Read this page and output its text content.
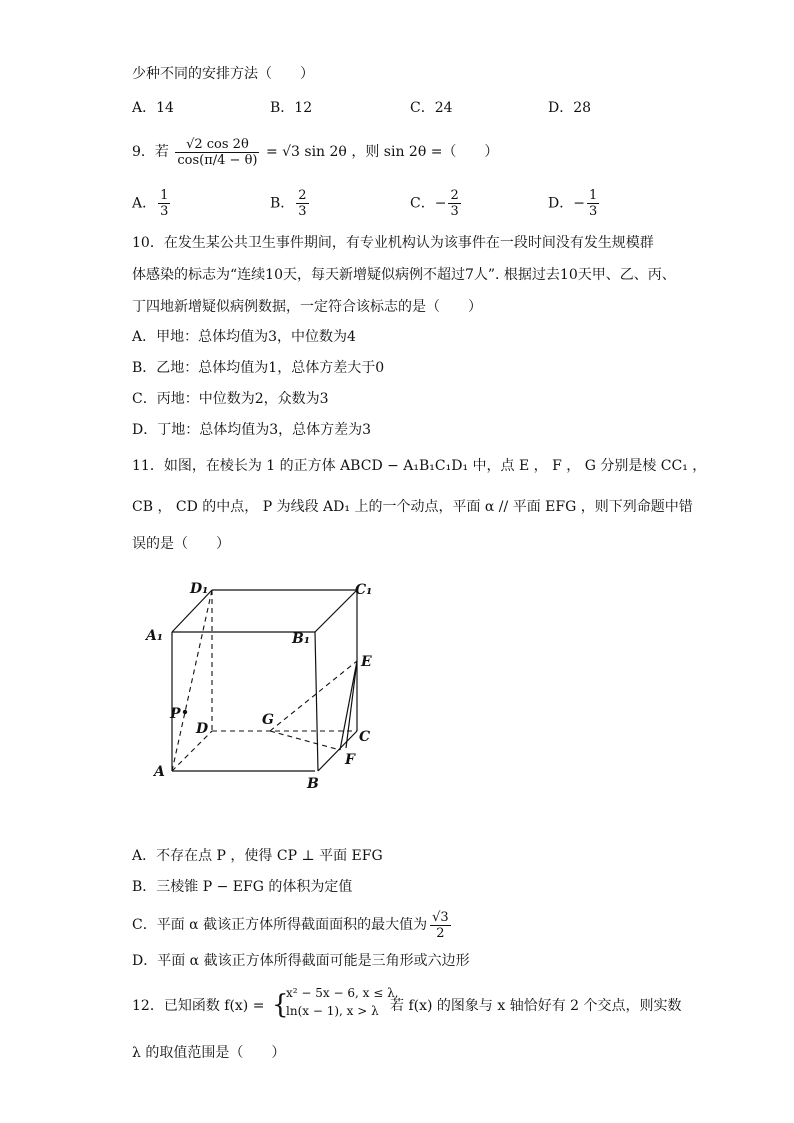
少种不同的安排方法（　　）
A．14	B．12	C．24	D．28
9．若 $\frac{√2 \cos 2\theta}{\cos(\pi/4 - \theta)} = √3$ sin 2θ ，则 sin 2θ =（　　）
A． $\frac{1}{3}$	B． $\frac{2}{3}$	C．− $\frac{2}{3}$	D．− $\frac{1}{3}$
10．在发生某公共卫生事件期间，有专业机构认为该事件在一段时间没有发生规模群
体感染的标志为“连续10天，每天新增疑似病例不超过7人”. 根据过去10天甲、乙、丙、
丁四地新增疑似病例数据，一定符合该标志的是（　　）
A．甲地：总体均值为3，中位数为4
B．乙地：总体均值为1，总体方差大于0
C．丙地：中位数为2，众数为3
D．丁地：总体均值为3，总体方差为3
11．如图，在棱长为 1 的正方体 ABCD − A₁B₁C₁D₁ 中，点 E ， F ， G 分别是棱 CC₁ ，
CB ， CD 的中点， P 为线段 AD₁ 上的一个动点，平面 α // 平面 EFG ，则下列命题中错
误的是（　　）
D₁	C₁
A₁	B₁
E
P
D
G
C
F
A
B
A．不存在点 P ，使得 CP ⊥ 平面 EFG
B．三棱锥 P − EFG 的体积为定值
C．平面 α 截该正方体所得截面面积的最大值为 $\frac{√3}{2}$
D．平面 α 截该正方体所得截面可能是三角形或六边形
12．已知函数 f(x) = {
x² − 5x − 6, x ≤ λ,
ln(x − 1), x > λ 若 f(x) 的图象与 x 轴恰好有 2 个交点，则实数
λ 的取值范围是（　　）
